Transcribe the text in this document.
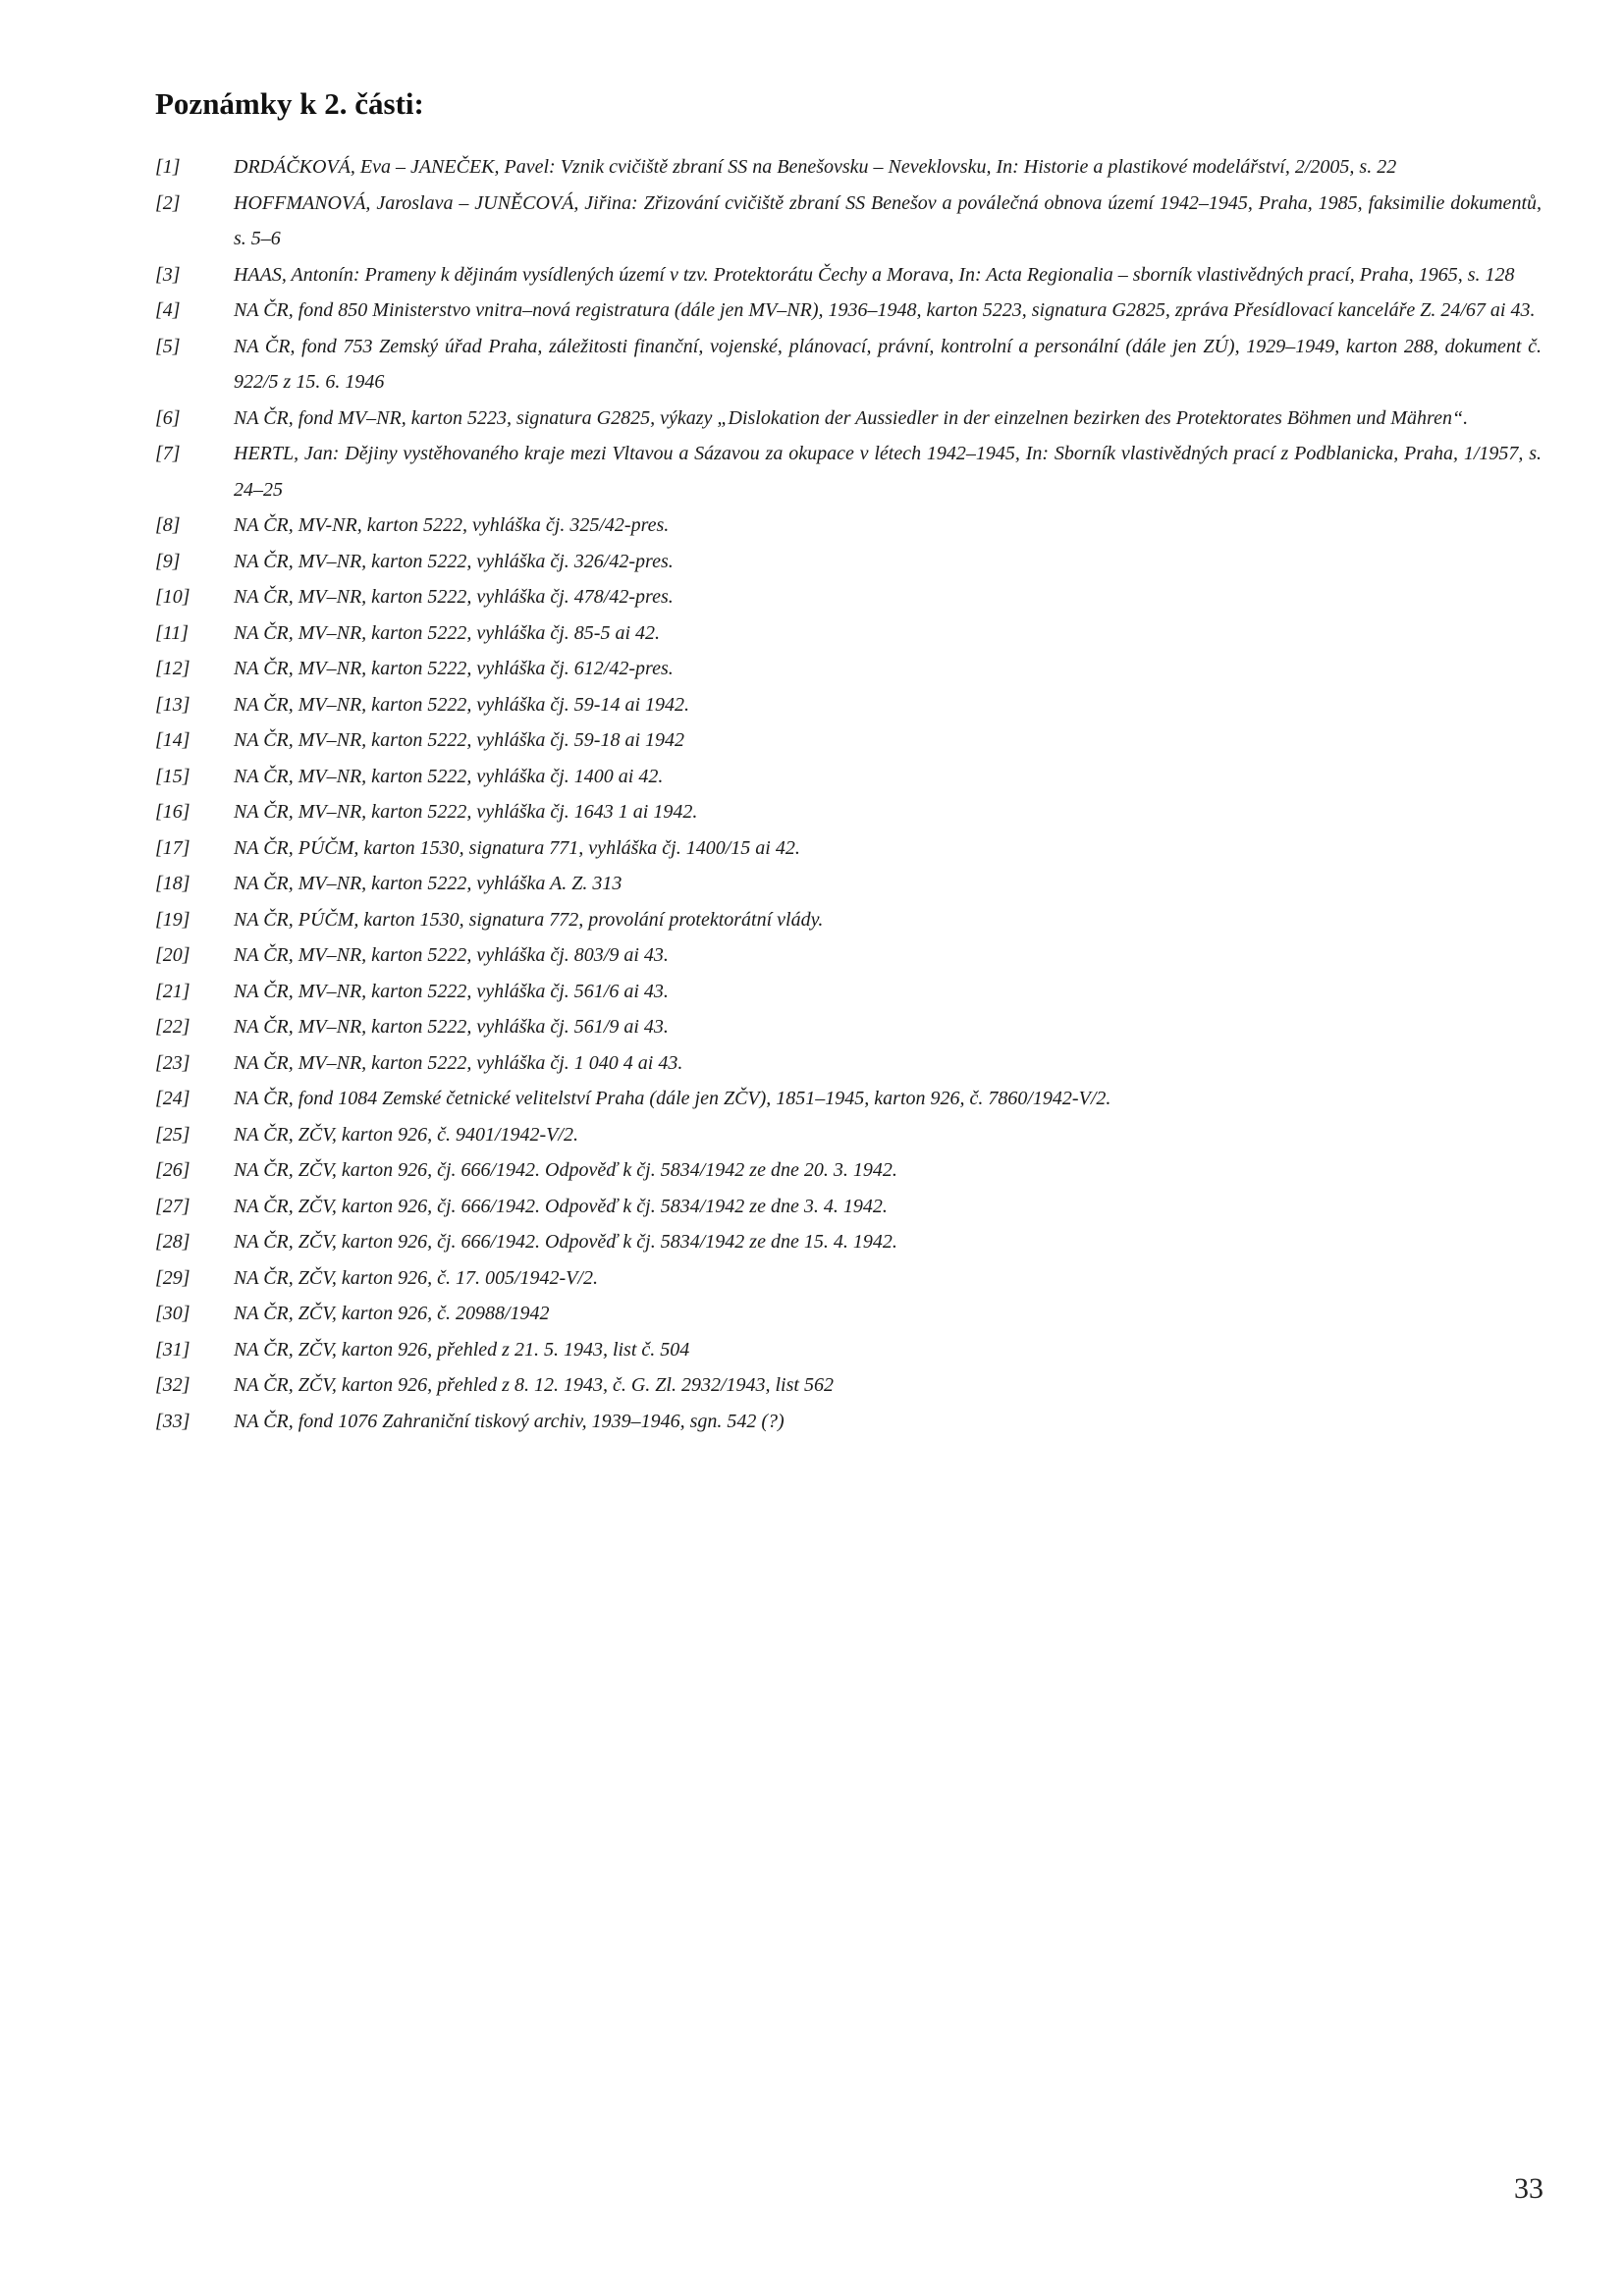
Poznámky k 2. části:
[1]	DRDÁČKOVÁ, Eva – JANEČEK, Pavel: Vznik cvičiště zbraní SS na Benešovsku – Neveklovsku, In: Historie a plastikové modelářství, 2/2005, s. 22
[2]	HOFFMANOVÁ, Jaroslava – JUNĚCOVÁ, Jiřina: Zřizování cvičiště zbraní SS Benešov a poválečná obnova území 1942–1945, Praha, 1985, faksimilie dokumentů, s. 5–6
[3]	HAAS, Antonín: Prameny k dějinám vysídlených území v tzv. Protektorátu Čechy a Morava, In: Acta Regionalia – sborník vlastivědných prací, Praha, 1965, s. 128
[4]	NA ČR, fond 850 Ministerstvo vnitra–nová registratura (dále jen MV–NR), 1936–1948, karton 5223, signatura G2825, zpráva Přesídlovací kanceláře Z. 24/67 ai 43.
[5]	NA ČR, fond 753 Zemský úřad Praha, záležitosti finanční, vojenské, plánovací, právní, kontrolní a personální (dále jen ZÚ), 1929–1949, karton 288, dokument č. 922/5 z 15. 6. 1946
[6]	NA ČR, fond MV–NR, karton 5223, signatura G2825, výkazy „Dislokation der Aussiedler in der einzelnen bezirken des Protektorates Böhmen und Mähren“.
[7]	HERTL, Jan: Dějiny vystěhovaného kraje mezi Vltavou a Sázavou za okupace v létech 1942–1945, In: Sborník vlastivědných prací z Podblanicka, Praha, 1/1957, s. 24–25
[8]	NA ČR, MV-NR, karton 5222, vyhláška čj. 325/42-pres.
[9]	NA ČR, MV–NR, karton 5222, vyhláška čj. 326/42-pres.
[10]	NA ČR, MV–NR, karton 5222, vyhláška čj. 478/42-pres.
[11]	NA ČR, MV–NR, karton 5222, vyhláška čj. 85-5 ai 42.
[12]	NA ČR, MV–NR, karton 5222, vyhláška čj. 612/42-pres.
[13]	NA ČR, MV–NR, karton 5222, vyhláška čj. 59-14 ai 1942.
[14]	NA ČR, MV–NR, karton 5222, vyhláška čj. 59-18 ai 1942
[15]	NA ČR, MV–NR, karton 5222, vyhláška čj. 1400 ai 42.
[16]	NA ČR, MV–NR, karton 5222, vyhláška čj. 1643 1 ai 1942.
[17]	NA ČR, PÚČM, karton 1530, signatura 771, vyhláška čj. 1400/15 ai 42.
[18]	NA ČR, MV–NR, karton 5222, vyhláška A. Z. 313
[19]	NA ČR, PÚČM, karton 1530, signatura 772, provolání protektorátní vlády.
[20]	NA ČR, MV–NR, karton 5222, vyhláška čj. 803/9 ai 43.
[21]	NA ČR, MV–NR, karton 5222, vyhláška čj. 561/6 ai 43.
[22]	NA ČR, MV–NR, karton 5222, vyhláška čj. 561/9 ai 43.
[23]	NA ČR, MV–NR, karton 5222, vyhláška čj. 1 040 4 ai 43.
[24]	NA ČR, fond 1084 Zemské četnické velitelství Praha (dále jen ZČV), 1851–1945, karton 926, č. 7860/1942-V/2.
[25]	NA ČR, ZČV, karton 926, č. 9401/1942-V/2.
[26]	NA ČR, ZČV, karton 926, čj. 666/1942. Odpověď k čj. 5834/1942 ze dne 20. 3. 1942.
[27]	NA ČR, ZČV, karton 926, čj. 666/1942. Odpověď k čj. 5834/1942 ze dne 3. 4. 1942.
[28]	NA ČR, ZČV, karton 926, čj. 666/1942. Odpověď k čj. 5834/1942 ze dne 15. 4. 1942.
[29]	NA ČR, ZČV, karton 926, č. 17. 005/1942-V/2.
[30]	NA ČR, ZČV, karton 926, č. 20988/1942
[31]	NA ČR, ZČV, karton 926, přehled z 21. 5. 1943, list č. 504
[32]	NA ČR, ZČV, karton 926, přehled z 8. 12. 1943, č. G. Zl. 2932/1943, list 562
[33]	NA ČR, fond 1076 Zahraniční tiskový archiv, 1939–1946, sgn. 542 (?)
33
